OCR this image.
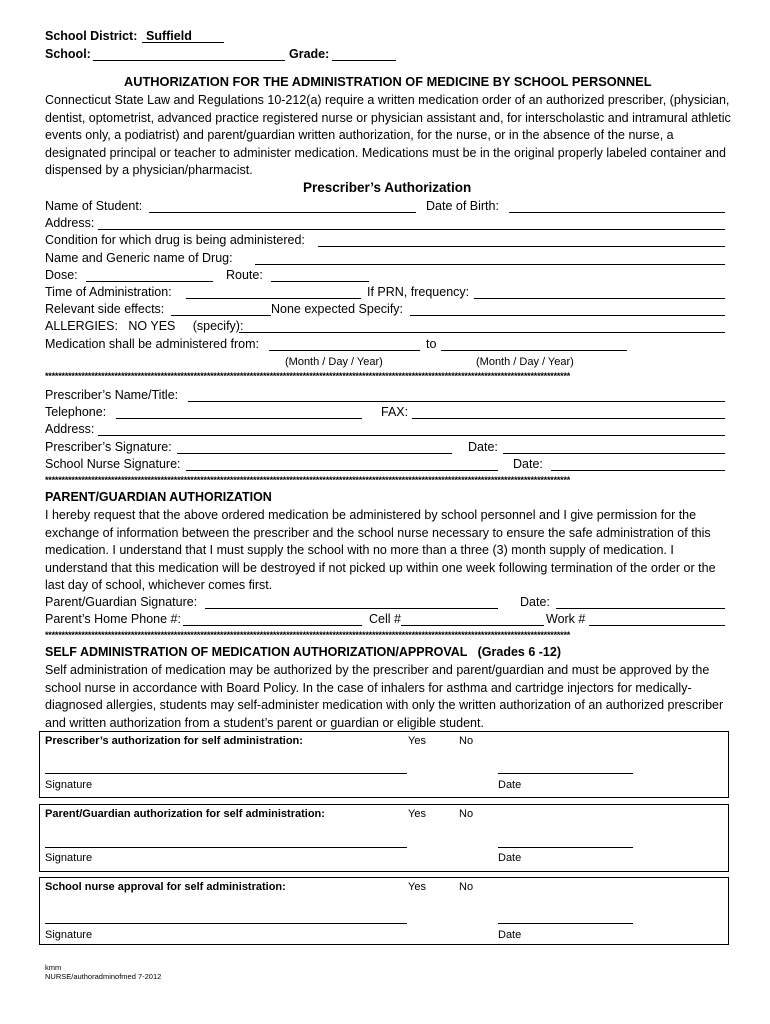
School District: Suffield
School:	Grade:
AUTHORIZATION FOR THE ADMINISTRATION OF MEDICINE BY SCHOOL PERSONNEL
Connecticut State Law and Regulations 10-212(a) require a written medication order of an authorized prescriber, (physician, dentist, optometrist, advanced practice registered nurse or physician assistant and, for interscholastic and intramural athletic events only, a podiatrist) and parent/guardian written authorization, for the nurse, or in the absence of the nurse, a designated principal or teacher to administer medication. Medications must be in the original properly labeled container and dispensed by a physician/pharmacist.
Prescriber’s Authorization
Name of Student:	Date of Birth:
Address:
Condition for which drug is being administered:
Name and Generic name of Drug:
Dose:	Route:
Time of Administration:	If PRN, frequency:
Relevant side effects:	None expected Specify:
ALLERGIES:   NO YES     (specify):
Medication shall be administered from:	to
(Month / Day / Year)	(Month / Day / Year)
***************************************************************************************************************************************************************
Prescriber’s Name/Title:
Telephone:	FAX:
Address:
Prescriber’s Signature:	Date:
School Nurse Signature:	Date:
***************************************************************************************************************************************************************
PARENT/GUARDIAN AUTHORIZATION
I hereby request that the above ordered medication be administered by school personnel and I give permission for the exchange of information between the prescriber and the school nurse necessary to ensure the safe administration of this medication. I understand that I must supply the school with no more than a three (3) month supply of medication. I understand that this medication will be destroyed if not picked up within one week following termination of the order or the last day of school, whichever comes first.
Parent/Guardian Signature:	Date:
Parent’s Home Phone #:	Cell #	Work #
***************************************************************************************************************************************************************
SELF ADMINISTRATION OF MEDICATION AUTHORIZATION/APPROVAL   (Grades 6 -12)
Self administration of medication may be authorized by the prescriber and parent/guardian and must be approved by the school nurse in accordance with Board Policy. In the case of inhalers for asthma and cartridge injectors for medically-diagnosed allergies, students may self-administer medication with only the written authorization of an authorized prescriber and written authorization from a student’s parent or guardian or eligible student.
Prescriber’s authorization for self administration:	Yes	No
Signature	Date
Parent/Guardian authorization for self administration:	Yes	No
Signature	Date
School nurse approval for self administration:	Yes	No
Signature	Date
kmm
NURSE/authoradminofmed 7-2012
